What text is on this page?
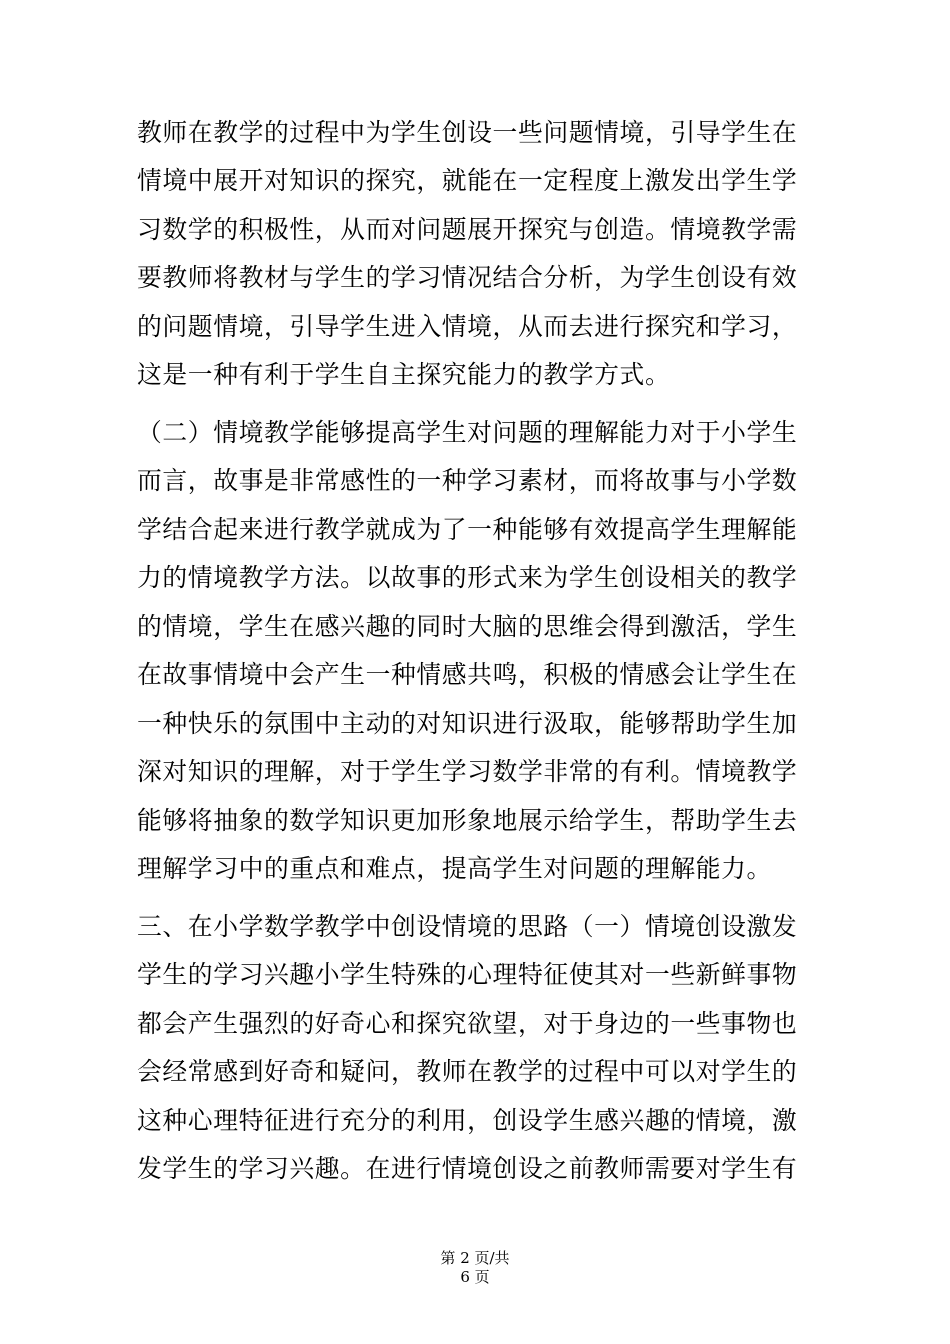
教师在教学的过程中为学生创设一些问题情境，引导学生在
情境中展开对知识的探究，就能在一定程度上激发出学生学
习数学的积极性，从而对问题展开探究与创造。情境教学需
要教师将教材与学生的学习情况结合分析，为学生创设有效
的问题情境，引导学生进入情境，从而去进行探究和学习，
这是一种有利于学生自主探究能力的教学方式。
（二）情境教学能够提高学生对问题的理解能力对于小学生
而言，故事是非常感性的一种学习素材，而将故事与小学数
学结合起来进行教学就成为了一种能够有效提高学生理解能
力的情境教学方法。以故事的形式来为学生创设相关的教学
的情境，学生在感兴趣的同时大脑的思维会得到激活，学生
在故事情境中会产生一种情感共鸣，积极的情感会让学生在
一种快乐的氛围中主动的对知识进行汲取，能够帮助学生加
深对知识的理解，对于学生学习数学非常的有利。情境教学
能够将抽象的数学知识更加形象地展示给学生，帮助学生去
理解学习中的重点和难点，提高学生对问题的理解能力。
三、在小学数学教学中创设情境的思路（一）情境创设激发
学生的学习兴趣小学生特殊的心理特征使其对一些新鲜事物
都会产生强烈的好奇心和探究欲望，对于身边的一些事物也
会经常感到好奇和疑问，教师在教学的过程中可以对学生的
这种心理特征进行充分的利用，创设学生感兴趣的情境，激
发学生的学习兴趣。在进行情境创设之前教师需要对学生有
第 2 页/共
6 页
